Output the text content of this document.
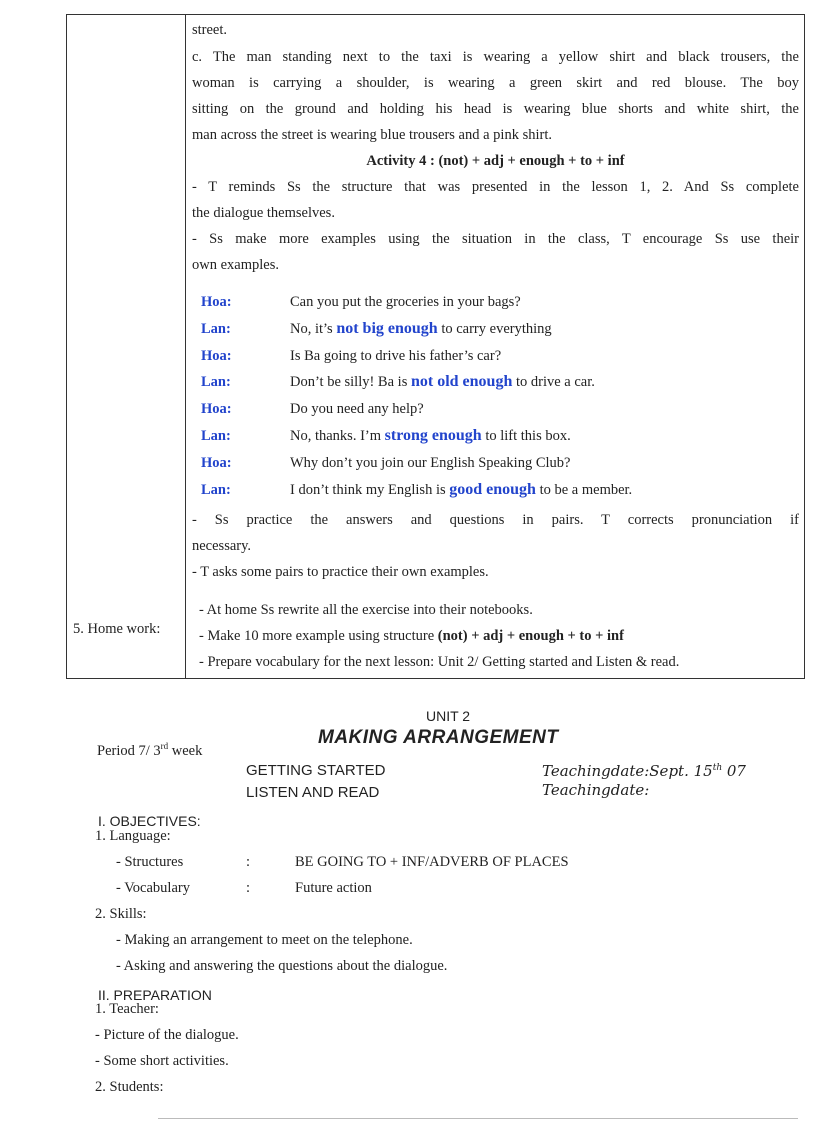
street.
c. The man standing next to the taxi is wearing a yellow shirt and black trousers, the
woman is carrying a shoulder, is wearing a green skirt and red blouse. The boy
sitting on the ground and holding his head is wearing blue shorts and white shirt, the
man across the street is wearing blue trousers and a pink shirt.
Activity 4 : (not) + adj + enough + to + inf
- T reminds Ss the structure that was presented in the lesson 1, 2. And Ss complete
the dialogue themselves.
- Ss make more examples using the situation in the class, T encourage Ss use their
own examples.
Hoa:	Can you put the groceries in your bags?
Lan:	No, it’s not big enough to carry everything
Hoa:	Is Ba going to drive his father’s car?
Lan:	Don’t be silly! Ba is not old enough to drive a car.
Hoa:	Do you need any help?
Lan:	No, thanks. I’m strong enough to lift this box.
Hoa:	Why don’t you join our English Speaking Club?
Lan:	I don’t think my English is good enough to be a member.
- Ss practice the answers and questions in pairs. T corrects pronunciation if
necessary.
- T asks some pairs to practice their own examples.
5. Home work:
- At home Ss rewrite all the exercise into their notebooks.
- Make 10 more example using structure (not) + adj + enough + to + inf
- Prepare vocabulary for the next lesson: Unit 2/ Getting started and Listen & read.
UNIT 2
Period 7/ 3rd week
MAKING ARRANGEMENT
GETTING STARTED
LISTEN AND READ
Teachingdate:Sept. 15th 07
Teachingdate:
I. OBJECTIVES:
1. Language:
- Structures	:	BE GOING TO + INF/ADVERB OF PLACES
- Vocabulary	:	Future action
2. Skills:
- Making an arrangement to meet on the telephone.
- Asking and answering the questions about the dialogue.
II. PREPARATION
1. Teacher:
- Picture of the dialogue.
- Some short activities.
2. Students:
